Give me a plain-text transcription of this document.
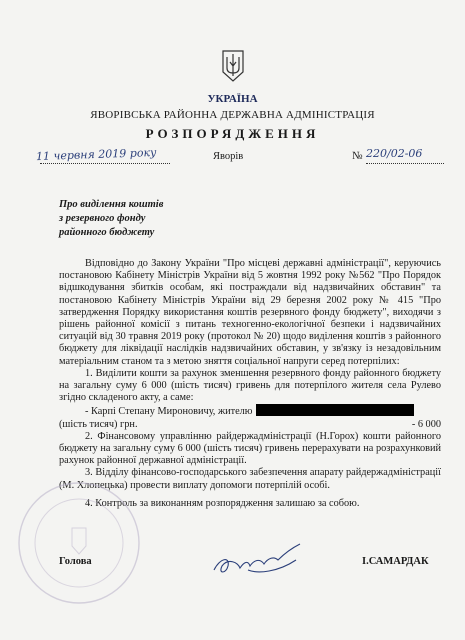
УКРАЇНА
ЯВОРІВСЬКА РАЙОННА ДЕРЖАВНА АДМІНІСТРАЦІЯ
РОЗПОРЯДЖЕННЯ
11 червня 2019 року	Яворів	№ 220/02-06
Про виділення коштів
з резервного фонду
районного бюджету

Відповідно до Закону України "Про місцеві державні адміністрації", керуючись постановою Кабінету Міністрів України від 5 жовтня 1992 року №562 "Про Порядок відшкодування збитків особам, які постраждали від надзвичайних обставин" та постановою Кабінету Міністрів України від 29 березня 2002 року № 415 "Про затвердження Порядку використання коштів резервного фонду бюджету", виходячи з рішень районної комісії з питань техногенно-екологічної безпеки і надзвичайних ситуацій від 30 травня 2019 року (протокол № 20) щодо виділення коштів з районного бюджету для ліквідації наслідків надзвичайних обставин, у зв'язку із незадовільним матеріальним станом та з метою зняття соціальної напруги серед потерпілих:

1. Виділити кошти за рахунок зменшення резервного фонду районного бюджету на загальну суму 6 000 (шість тисяч) гривень для потерпілого жителя села Рулево згідно складеного акту, а саме:

- Карпі Степану Мироновичу, жителю
- 6 000

(шість тисяч) грн.

2. Фінансовому управлінню райдержадміністрації (Н.Горох) кошти районного бюджету на загальну суму 6 000 (шість тисяч) гривень перерахувати на розрахунковий рахунок районної державної адміністрації.

3. Відділу фінансово-господарського забезпечення апарату райдержадміністрації (М. Хлопецька) провести виплату допомоги потерпілій особі.

4. Контроль за виконанням розпорядження залишаю за собою.

Голова	І.САМАРДАК
